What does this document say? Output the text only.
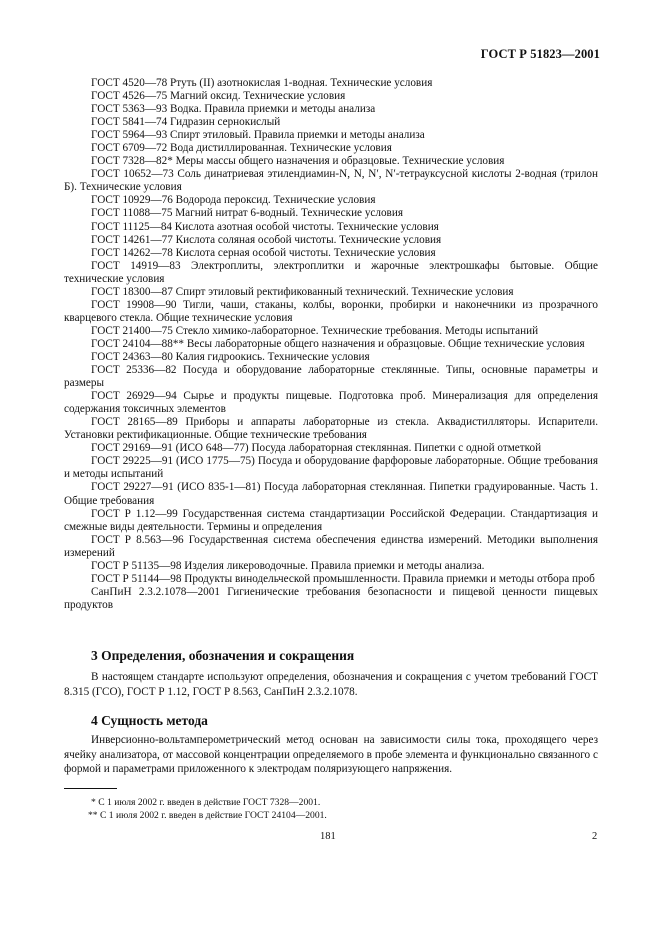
ГОСТ Р 51823—2001

ГОСТ 4520—78 Ртуть (II) азотнокислая 1-водная. Технические условия

ГОСТ 4526—75 Магний оксид. Технические условия

ГОСТ 5363—93 Водка. Правила приемки и методы анализа

ГОСТ 5841—74 Гидразин сернокислый

ГОСТ 5964—93 Спирт этиловый. Правила приемки и методы анализа

ГОСТ 6709—72 Вода дистиллированная. Технические условия

ГОСТ 7328—82* Меры массы общего назначения и образцовые. Технические условия

ГОСТ 10652—73 Соль динатриевая этилендиамин-N, N, N′, N′-тетрауксусной кислоты 2-водная (трилон Б). Технические условия

ГОСТ 10929—76 Водорода пероксид. Технические условия

ГОСТ 11088—75 Магний нитрат 6-водный. Технические условия

ГОСТ 11125—84 Кислота азотная особой чистоты. Технические условия

ГОСТ 14261—77 Кислота соляная особой чистоты. Технические условия

ГОСТ 14262—78 Кислота серная особой чистоты. Технические условия

ГОСТ 14919—83 Электроплиты, электроплитки и жарочные электрошкафы бытовые. Общие технические условия

ГОСТ 18300—87 Спирт этиловый ректификованный технический. Технические условия

ГОСТ 19908—90 Тигли, чаши, стаканы, колбы, воронки, пробирки и наконечники из прозрачного кварцевого стекла. Общие технические условия

ГОСТ 21400—75 Стекло химико-лабораторное. Технические требования. Методы испытаний

ГОСТ 24104—88** Весы лабораторные общего назначения и образцовые. Общие технические условия

ГОСТ 24363—80 Калия гидроокись. Технические условия

ГОСТ 25336—82 Посуда и оборудование лабораторные стеклянные. Типы, основные параметры и размеры

ГОСТ 26929—94 Сырье и продукты пищевые. Подготовка проб. Минерализация для определения содержания токсичных элементов

ГОСТ 28165—89 Приборы и аппараты лабораторные из стекла. Аквадистилляторы. Испарители. Установки ректификационные. Общие технические требования

ГОСТ 29169—91 (ИСО 648—77) Посуда лабораторная стеклянная. Пипетки с одной отметкой

ГОСТ 29225—91 (ИСО 1775—75) Посуда и оборудование фарфоровые лабораторные. Общие требования и методы испытаний

ГОСТ 29227—91 (ИСО 835-1—81) Посуда лабораторная стеклянная. Пипетки градуированные. Часть 1. Общие требования

ГОСТ Р 1.12—99 Государственная система стандартизации Российской Федерации. Стандартизация и смежные виды деятельности. Термины и определения

ГОСТ Р 8.563—96 Государственная система обеспечения единства измерений. Методики выполнения измерений

ГОСТ Р 51135—98 Изделия ликероводочные. Правила приемки и методы анализа.

ГОСТ Р 51144—98 Продукты винодельческой промышленности. Правила приемки и методы отбора проб

СанПиН 2.3.2.1078—2001 Гигиенические требования безопасности и пищевой ценности пищевых продуктов

3 Определения, обозначения и сокращения

В настоящем стандарте используют определения, обозначения и сокращения с учетом требований ГОСТ 8.315 (ГСО), ГОСТ Р 1.12, ГОСТ Р 8.563, СанПиН 2.3.2.1078.

4 Сущность метода

Инверсионно-вольтамперометрический метод основан на зависимости силы тока, проходящего через ячейку анализатора, от массовой концентрации определяемого в пробе элемента и функционально связанного с формой и параметрами приложенного к электродам поляризующего напряжения.

* С 1 июля 2002 г. введен в действие ГОСТ 7328—2001.
** С 1 июля 2002 г. введен в действие ГОСТ 24104—2001.
181	2
